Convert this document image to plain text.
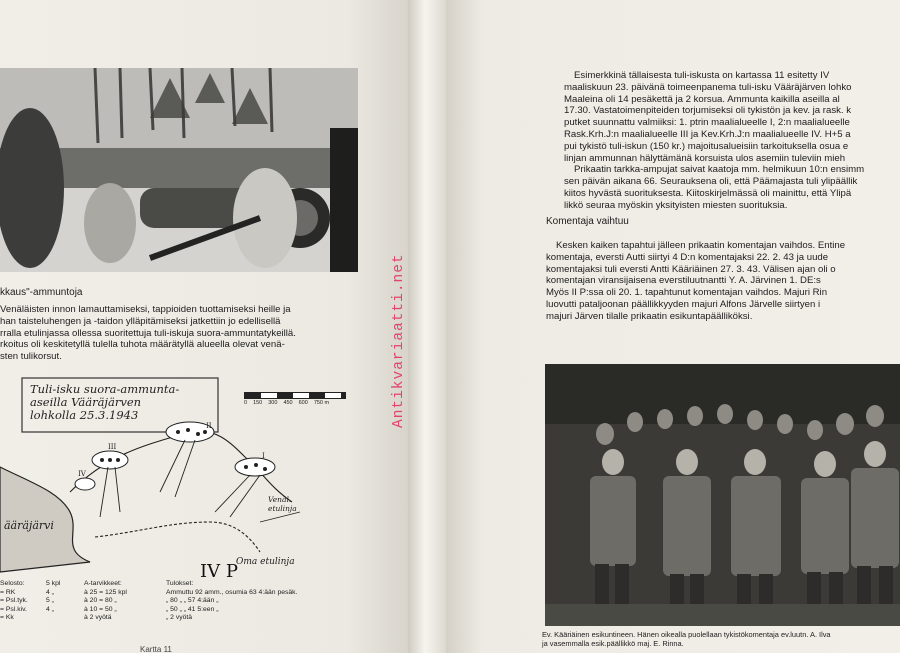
kkaus"-ammuntoja

Venäläisten innon lamauttamiseksi, tappioiden tuottamiseksi heille ja

han taisteluhengen ja -taidon ylläpitämiseksi jatkettiin jo edellisellä

rralla etulinjassa ollessa suoritettuja tuli-iskuja suora-ammuntatykeillä.

rkoitus oli keskitetyllä tulella tuhota määrätyllä alueella olevat venä-

sten tulikorsut.

IV P
Tuli-isku suora-ammunta-
aseilla Vääräjärven
lohkolla 25.3.1943
0 150 300 450 600 750 m
ääräjärvi
Venäl. etulinja
Oma etulinja
I
II
III
IV
Selosto:
= RK
= Psl.tyk.
= Psl.kiv.
= Kk
5 kpl
4 „
5 „
4 „
A-tarvikkeet:
à 25 = 125 kpl
à 20 = 80 „
à 10 = 50 „
à 2 vyötä
Tulokset:
Ammuttu 92 amm., osumia 63 4:ään pesäk.
„ 80 „ „ 57 4:ään „
„ 50 „ „ 41 5:een „
„ 2 vyötä
Kartta 11
Antikvariaatti.net

Esimerkkinä tällaisesta tuli-iskusta on kartassa 11 esitetty IV

maaliskuun 23. päivänä toimeenpanema tuli-isku Vääräjärven lohko

Maaleina oli 14 pesäkettä ja 2 korsua. Ammunta kaikilla aseilla al

17.30. Vastatoimenpiteiden torjumiseksi oli tykistön ja kev. ja rask. k

putket suunnattu valmiiksi: 1. ptrin maalialueelle I, 2:n maalialueelle

Rask.Krh.J:n maalialueelle III ja Kev.Krh.J:n maalialueelle IV. H+5 a

pui tykistö tuli-iskun (150 kr.) majoitusalueisiin tarkoituksella osua e

linjan ammunnan hälyttämänä korsuista ulos asemiin tuleviin mieh

Prikaatin tarkka-ampujat saivat kaatoja mm. helmikuun 10:n ensimm

sen päivän aikana 66. Seurauksena oli, että Päämajasta tuli ylipäällik

kiitos hyvästä suorituksesta. Kiitoskirjelmässä oli mainittu, että Ylipä

likkö seuraa myöskin yksityisten miesten suorituksia.

Komentaja vaihtuu

Kesken kaiken tapahtui jälleen prikaatin komentajan vaihdos. Entine

komentaja, eversti Autti siirtyi 4 D:n komentajaksi 22. 2. 43 ja uude

komentajaksi tuli eversti Antti Kääriäinen 27. 3. 43. Välisen ajan oli o

komentajan viransijaisena everstiluutnantti Y. A. Järvinen 1. DE:s

Myös II P:ssa oli 20. 1. tapahtunut komentajan vaihdos. Majuri Rin

luovutti pataljoonan päällikkyyden majuri Alfons Järvelle siirtyen i

majuri Järven tilalle prikaatin esikuntapäälliköksi.

Ev. Kääriäinen esikuntineen. Hänen oikealla puolellaan tykistökomentaja ev.luutn. A. Ilva
ja vasemmalla esik.päällikkö maj. E. Rinna.
